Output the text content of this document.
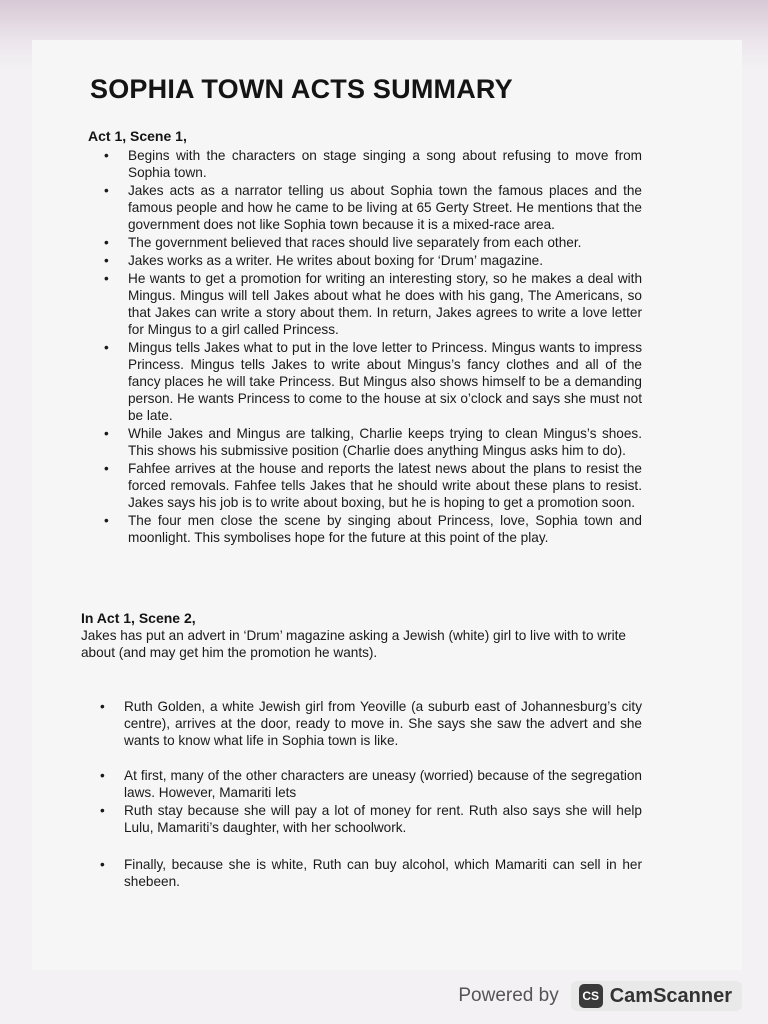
SOPHIA TOWN ACTS SUMMARY
Act 1, Scene 1,
• Begins with the characters on stage singing a song about refusing to move from Sophia town.
• Jakes acts as a narrator telling us about Sophia town the famous places and the famous people and how he came to be living at 65 Gerty Street. He mentions that the government does not like Sophia town because it is a mixed-race area.
• The government believed that races should live separately from each other.
• Jakes works as a writer. He writes about boxing for ‘Drum’ magazine.
• He wants to get a promotion for writing an interesting story, so he makes a deal with Mingus. Mingus will tell Jakes about what he does with his gang, The Americans, so that Jakes can write a story about them. In return, Jakes agrees to write a love letter for Mingus to a girl called Princess.
• Mingus tells Jakes what to put in the love letter to Princess. Mingus wants to impress Princess. Mingus tells Jakes to write about Mingus’s fancy clothes and all of the fancy places he will take Princess. But Mingus also shows himself to be a demanding person. He wants Princess to come to the house at six o’clock and says she must not be late.
• While Jakes and Mingus are talking, Charlie keeps trying to clean Mingus’s shoes. This shows his submissive position (Charlie does anything Mingus asks him to do).
• Fahfee arrives at the house and reports the latest news about the plans to resist the forced removals. Fahfee tells Jakes that he should write about these plans to resist. Jakes says his job is to write about boxing, but he is hoping to get a promotion soon.
• The four men close the scene by singing about Princess, love, Sophia town and moonlight. This symbolises hope for the future at this point of the play.
In Act 1, Scene 2,

Jakes has put an advert in ‘Drum’ magazine asking a Jewish (white) girl to live with to write about (and may get him the promotion he wants).

• Ruth Golden, a white Jewish girl from Yeoville (a suburb east of Johannesburg’s city centre), arrives at the door, ready to move in. She says she saw the advert and she wants to know what life in Sophia town is like.
• At first, many of the other characters are uneasy (worried) because of the segregation laws. However, Mamariti lets
• Ruth stay because she will pay a lot of money for rent. Ruth also says she will help Lulu, Mamariti’s daughter, with her schoolwork.
• Finally, because she is white, Ruth can buy alcohol, which Mamariti can sell in her shebeen.
Powered by	CS CamScanner
